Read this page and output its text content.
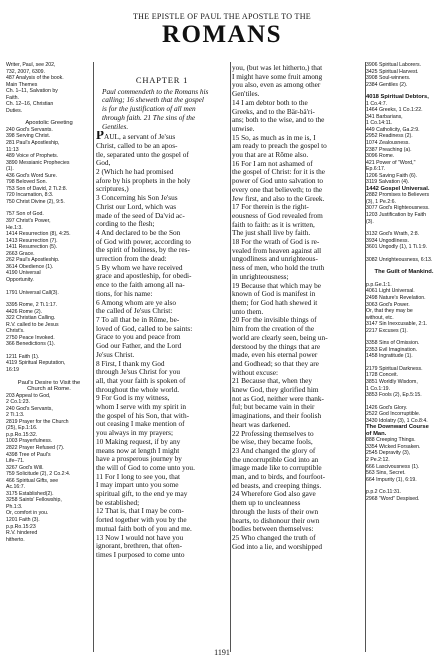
THE EPISTLE OF PAUL THE APOSTLE TO THE
ROMANS
Writer, Paul, see 202,
732, 2007, 6309.
487 Analysis of the book.
Main Themes
Ch. 1–11, Salvation by
Faith.
Ch. 12–16, Christian
Duties.
Apostolic Greeting
240 God's Servants.
398 Serving Christ.
281 Paul's Apostleship,
11:13
489 Voice of Prophets.
3890 Messianic Prophecies
(1).
436 God's Word Sure.
798 Beloved Son.
753 Son of David, 2 Ti.2:8.
720 Incarnation, 8:3.
750 Christ Divine (2), 9:5.
757 Son of God.
397 Christ's Power,
He.1:3.
1414 Resurrection (8), 4:25.
1413 Resurrection (7).
1411 Resurrection (5).
2663 Grace.
262 Paul's Apostleship.
3614 Obedience (1).
4190 Universal
Opportunity.
1791 Universal Call(3).
3395 Rome, 2 Ti.1:17.
4426 Rome (2).
322 Christian Calling.
R.V. called to be Jesus
Christ's.
2750 Peace Invoked.
366 Benedictions (1).
1211 Faith (1).
4119 Spiritual Reputation,
16:19
Paul's Desire to Visit the
Church at Rome.
203 Appeal to God,
2 Co.1:23.
240 God's Servants,
2 Ti.1:3.
2819 Prayer for the Church
(25), Ep.1:16.
p.p.Ro.15:32.
1003 Prayerfulness.
2822 Prayer Refused (7).
4398 Tree of Paul's
Life–71.
3267 God's Will.
759 Solicitude (2), 2 Co.2:4.
466 Spiritual Gifts, see
Ac.16:7.
3175 Established(2).
3258 Saints' Fellowship,
Ph.1:3.
Or, comfort in you.
1201 Faith (3).
p.p.Ro.15:23
R.V. hindered
hitherto.
CHAPTER 1
Paul commendeth to the Romans his
calling; 16 sheweth that the gospel
is for the justification of all men
through faith. 21 The sins of the
Gentiles.
PAUL, a servant of Je'sus
Christ, called to be an apos-
tle, separated unto the gospel of
God,
2 (Which he had promised
afore by his prophets in the holy
scriptures,)
3 Concerning his Son Je'sus
Christ our Lord, which was
made of the seed of Da'vid ac-
cording to the flesh;
4 And declared to be the Son
of God with power, according to
the spirit of holiness, by the res-
urrection from the dead:
5 By whom we have received
grace and apostleship, for obedi-
ence to the faith among all na-
tions, for his name:
6 Among whom are ye also
the called of Je'sus Christ:
7 To all that be in Rōme, be-
loved of God, called to be saints:
Grace to you and peace from
God our Father, and the Lord
Je'sus Christ.
8 First, I thank my God
through Je'sus Christ for you
all, that your faith is spoken of
throughout the whole world.
9 For God is my witness,
whom I serve with my spirit in
the gospel of his Son, that with-
out ceasing I make mention of
you always in my prayers;
10 Making request, if by any
means now at length I might
have a prosperous journey by
the will of God to come unto you.
11 For I long to see you, that
I may impart unto you some
spiritual gift, to the end ye may
be established;
12 That is, that I may be com-
forted together with you by the
mutual faith both of you and me.
13 Now I would not have you
ignorant, brethren, that often-
times I purposed to come unto
you, (but was let hitherto,) that
I might have some fruit among
you also, even as among other
Gen'tiles.
14 I am debtor both to the
Greeks, and to the Bär-bä'ri-
ans; both to the wise, and to the
unwise.
15 So, as much as in me is, I
am ready to preach the gospel to
you that are at Rōme also.
16 For I am not ashamed of
the gospel of Christ: for it is the
power of God unto salvation to
every one that believeth; to the
Jew first, and also to the Greek.
17 For therein is the right-
eousness of God revealed from
faith to faith: as it is written,
The just shall live by faith.
18 For the wrath of God is re-
vealed from heaven against all
ungodliness and unrighteous-
ness of men, who hold the truth
in unrighteousness;
19 Because that which may be
known of God is manifest in
them; for God hath shewed it
unto them.
20 For the invisible things of
him from the creation of the
world are clearly seen, being un-
derstood by the things that are
made, even his eternal power
and Godhead; so that they are
without excuse:
21 Because that, when they
knew God, they glorified him
not as God, neither were thank-
ful; but became vain in their
imaginations, and their foolish
heart was darkened.
22 Professing themselves to
be wise, they became fools,
23 And changed the glory of
the uncorruptible God into an
image made like to corruptible
man, and to birds, and fourfoot-
ed beasts, and creeping things.
24 Wherefore God also gave
them up to uncleanness
through the lusts of their own
hearts, to dishonour their own
bodies between themselves:
25 Who changed the truth of
God into a lie, and worshipped
3906 Spiritual Laborers.
3425 Spiritual Harvest.
3908 Soul-winners.
2384 Gentiles (2).
4018 Spiritual Debtors,
1 Co.4:7.
1464 Greeks, 1 Co.1:22.
341 Barbarians,
1 Co.14:11.
449 Catholicity, Ga.2:9.
2952 Readiness (2).
1074 Zealousness.
2387 Preaching (a).
3096 Rome.
421 Power of "Word,"
Ep.6:17.
1206 Saving Faith (6).
3119 Salvation (4).
1442 Gospel Universal.
2882 Promises to Believers
(3), 1 Pe.2:6.
3077 God's Righteousness.
1203 Justification by Faith
(3).
3132 God's Wrath, 2:8.
3934 Ungodliness.
3601 Ungodly (1), 1 Ti.1:9.
3082 Unrighteousness, 6:13.
The Guilt of Mankind.
p.p.Ge.1:1.
4061 Light Universal.
2498 Nature's Revelation.
3063 God's Power.
Or, that they may be
without, etc.
3147 Sin Inexcusable, 2:1.
2217 Excuses (1).
3358 Sins of Omission.
2353 Evil Imagination.
1458 Ingratitude (1).
2179 Spiritual Darkness.
1728 Conceit.
3851 Worldly Wisdom,
1 Co.1:19.
3853 Fools (2), Ep.5:15.
1426 God's Glory.
2522 God Incorruptible.
3430 Idolatry (3), 1 Co.8:4.
The Downward Course
of Man.
888 Creeping Things.
3354 Wicked Forsaken.
2545 Depravity (3),
2 Pe.2:12.
666 Lascivousness (1).
563 Sins, Secret.
664 Impurity (1), 6:19.
p.p.2 Co.11:31.
2968 "Word" Despised.
1191
